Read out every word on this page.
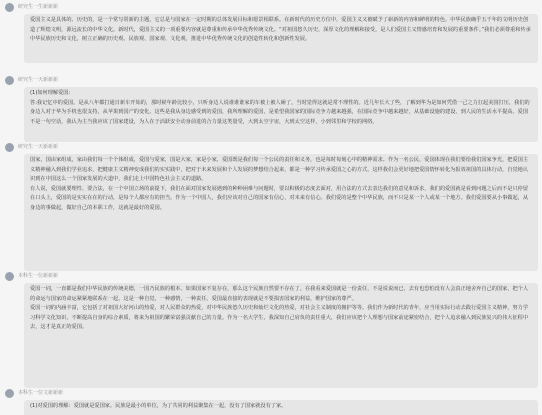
研究生一生新新新

爱国主义是具体的、历史的，是一个常写常新的主题，它总是与国家在一定时期的总体发展目标和愿景相联系。在新时代的历史方位中，爱国主义又被赋予了崭新的内容和鲜明的特色。中华民族确乎五千年的文明历史创造了辉煌文明，源远流长的中华文化。新时代，爱国主义的一项重要内容就是尊重和传承中华优秀传统文化。“对祖国悠久历史、深厚文化的理解和接受，是人们爱国主义情感培育和发展的重要条件。”我们必须尊重和传承中华民族历史和文化，树立正确的历史观、民族观、国家观、文化观，推进中华优秀传统文化的创造性转化和创新性发展。

研究生一天新新新

(1)如何理解爱国:

答:我记忆中的爱国，是从八年都打通日新车开始的，那时候年龄比较小，只听身边人说谁谁谁家的车被上被人砸了，当时觉得这就是常不理性的。近几年长大了些，了解到华为是如何凭借一己之力扛起美国打压，我们的身边人对于华为手机也很支持，从苹果到国产的变化。这些是我从身边感受到的爱国，我所理解的爱国，是希望我国家的国际竞争力越来越强，在国际竞争中越来越好，从基础设施的建设，到人民的生活水平提高。爱国不是一句空话，我认为主当我应该了国家建设，为人在于活跃安全动身前进的合力量这类量受，大到太空宇宙，大到太空这样，小到邻里和学校的网络。

研究生一天新新新

国家，国由家组成，家由我们每一个个体组成，爱国与爱家，国是大家，家是小家，爱国既是我们每一个公民的责任和义务，也是每时每刻心中的精神需求。作为一名公民，爱国体现在我们要给我们国家争光，把爱国主义精神融入到我们学业追求，把健康主义精神变成我们的实实践中，把对于未来发展和个人发展的梦想结合起来，都是一种学习传承爱国之心的方式。这样我们会更好地把爱国情怀转化为报效祖国的具体行动，自觉地认识到在中国这么一个国家发展的大道中，我们走上中国特色社会主义的道路。

有人说，爱国就要理性、要合法，在一个中国立场的前提下，我们在面对国家发展遇到的种种困难与问题时，要以积极的态度去面对，用合法的方式去表达我们的意见和诉求，我们的爱国就是看到问题之后而不是只停留在口头上，爱国的是实实在在的行动，是每个人都应有的担当。作为一个中国人，我们应该对自己的国家有信心，对未来有信心。我们爱的是整个中华民族，而不只是某一个人或某一个地方。我们爱国要从小事做起，从身边的事做起，做好自己的本职工作，这就是最好的爱国。

本科生一位新新新

爱国一词，一直都是我们中华民族的传统美德，一国乃民族的根本。如果国家不复存在，那么这个民族自然要不存在了。在我看来爱国就是一份责任，不是说说而已，去有也恐怕没有人会真正地舍弃自己的国家，把个人的命运与国家的命运紧紧地联系在一起，这是一种自觉，一种感情，一种责任。爱国最直接的表现就是不要损害国家的利益，维护国家的尊严。

爱国一词的内涵丰富，它包括了对祖国大好河山的热爱，对人民群众的热爱，对中华民族悠久历史和灿烂文化的热爱，对社会主义制度的拥护等等。我们作为新时代的青年，应当用实际行动去践行爱国主义精神，努力学习科学文化知识，不断提高自身的综合素质，将来为祖国的繁荣富强贡献自己的力量。作为一名大学生，我深知自己肩负的责任重大，我们应该把个人理想与国家前途紧密结合，把个人追求融入到民族复兴的伟大征程中去，这才是真正的爱国。

本科生一位文新新新

(1)对爱国的理解：爱国就是爱国家。民族是最小的单位，为了共同的利益聚集在一起，没有了国家就没有了家。
